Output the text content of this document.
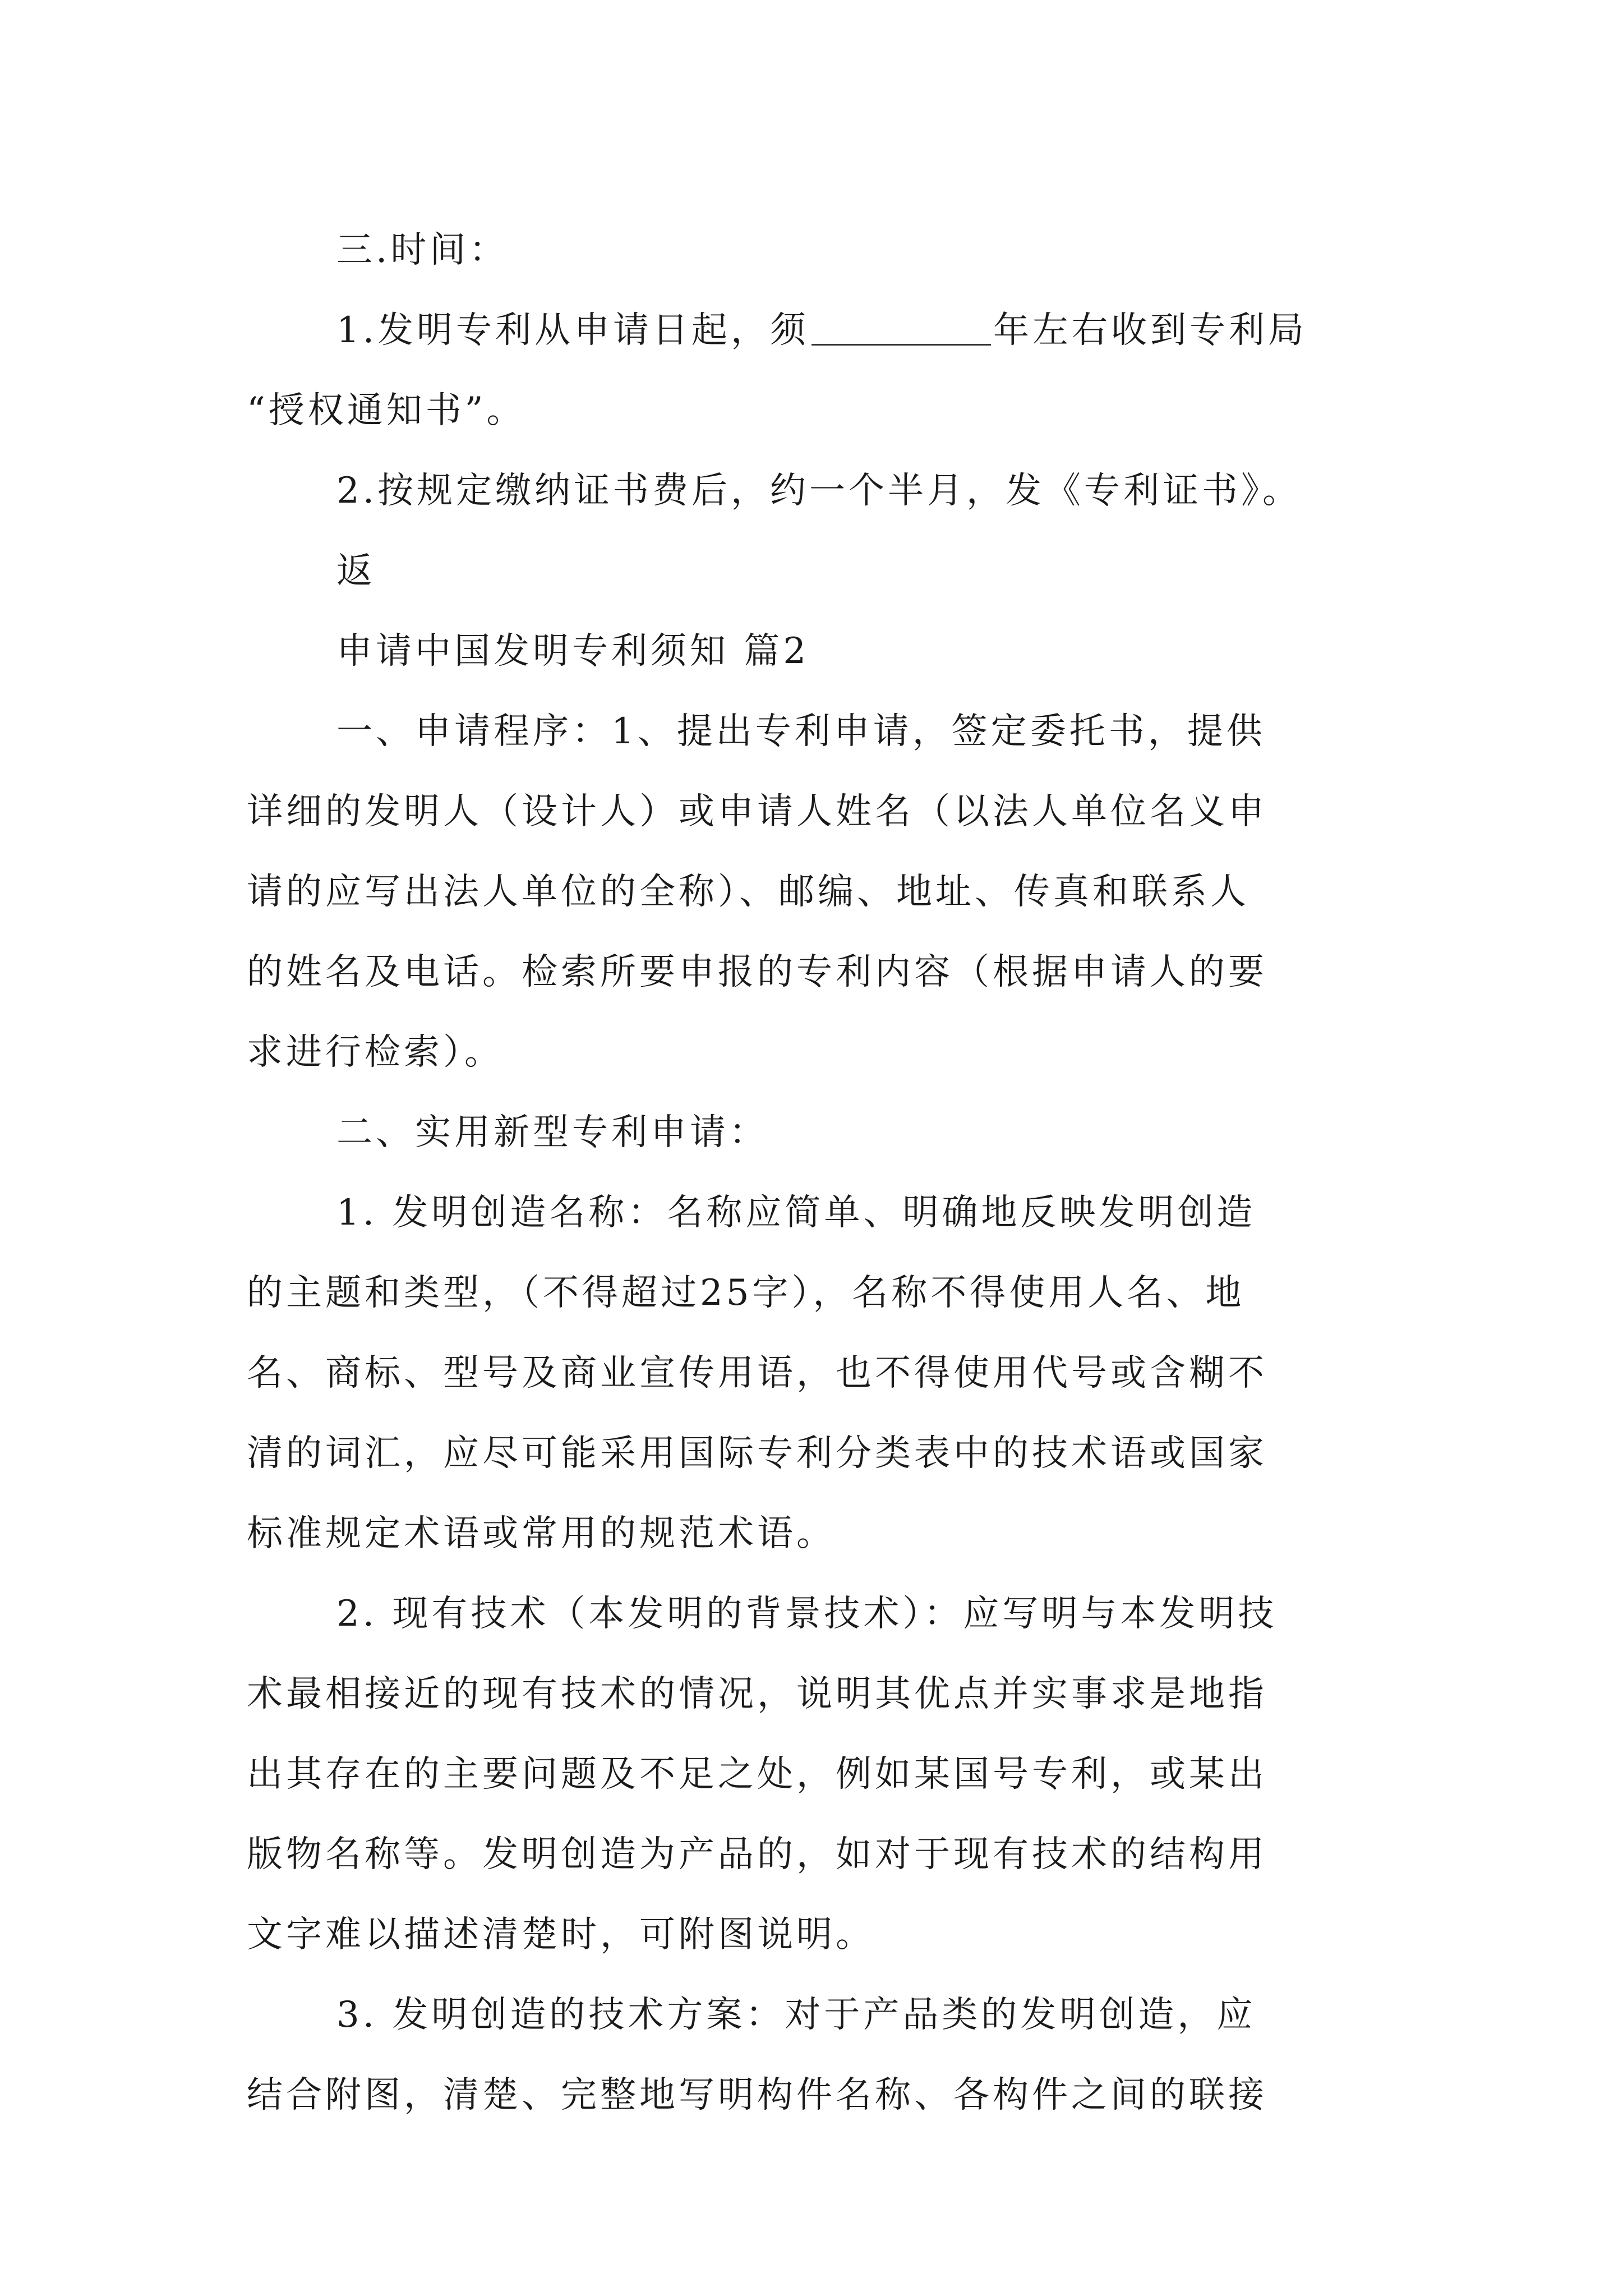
三.时间：
1.发明专利从申请日起，须	年左右收到专利局
“授权通知书”。
2.按规定缴纳证书费后，约一个半月，发《专利证书》。
返
申请中国发明专利须知 篇2
一、申请程序：1、提出专利申请，签定委托书，提供
详细的发明人（设计人）或申请人姓名（以法人单位名义申
请的应写出法人单位的全称）、邮编、地址、传真和联系人
的姓名及电话。检索所要申报的专利内容（根据申请人的要
求进行检索）。
二、实用新型专利申请：
1. 发明创造名称：名称应简单、明确地反映发明创造
的主题和类型，（不得超过25字），名称不得使用人名、地
名、商标、型号及商业宣传用语，也不得使用代号或含糊不
清的词汇，应尽可能采用国际专利分类表中的技术语或国家
标准规定术语或常用的规范术语。
2. 现有技术（本发明的背景技术）：应写明与本发明技
术最相接近的现有技术的情况，说明其优点并实事求是地指
出其存在的主要问题及不足之处，例如某国号专利，或某出
版物名称等。发明创造为产品的，如对于现有技术的结构用
文字难以描述清楚时，可附图说明。
3. 发明创造的技术方案：对于产品类的发明创造，应
结合附图，清楚、完整地写明构件名称、各构件之间的联接
